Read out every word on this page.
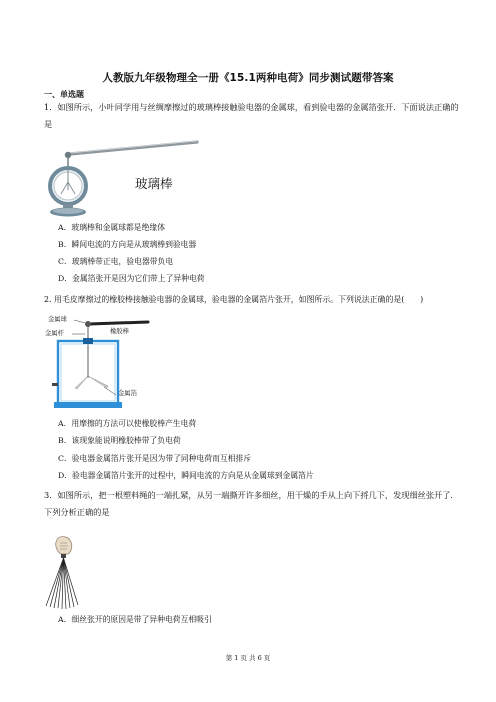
人教版九年级物理全一册《15.1两种电荷》同步测试题带答案
一、单选题
1．如图所示，小叶同学用与丝绸摩擦过的玻璃棒接触验电器的金属球，看到验电器的金属箔张开．下面说法正确的是
玻璃棒
A．玻璃棒和金属球都是绝缘体
B．瞬间电流的方向是从玻璃棒到验电器
C．玻璃棒带正电，验电器带负电
D．金属箔张开是因为它们带上了异种电荷
2. 用毛皮摩擦过的橡胶棒接触验电器的金属球，验电器的金属箔片张开，如图所示。下列说法正确的是(　　)
金属球
金属杆	橡胶棒
金属箔
A．用摩擦的方法可以使橡胶棒产生电荷
B．该现象能说明橡胶棒带了负电荷
C．验电器金属箔片张开是因为带了同种电荷而互相排斥
D．验电器金属箔片张开的过程中，瞬间电流的方向是从金属球到金属箔片
3．如图所示，把一根塑料绳的一端扎紧，从另一端撕开许多细丝，用干燥的手从上向下捋几下，发现细丝张开了．下列分析正确的是
A．细丝张开的原因是带了异种电荷互相吸引
第 1 页 共 6 页
